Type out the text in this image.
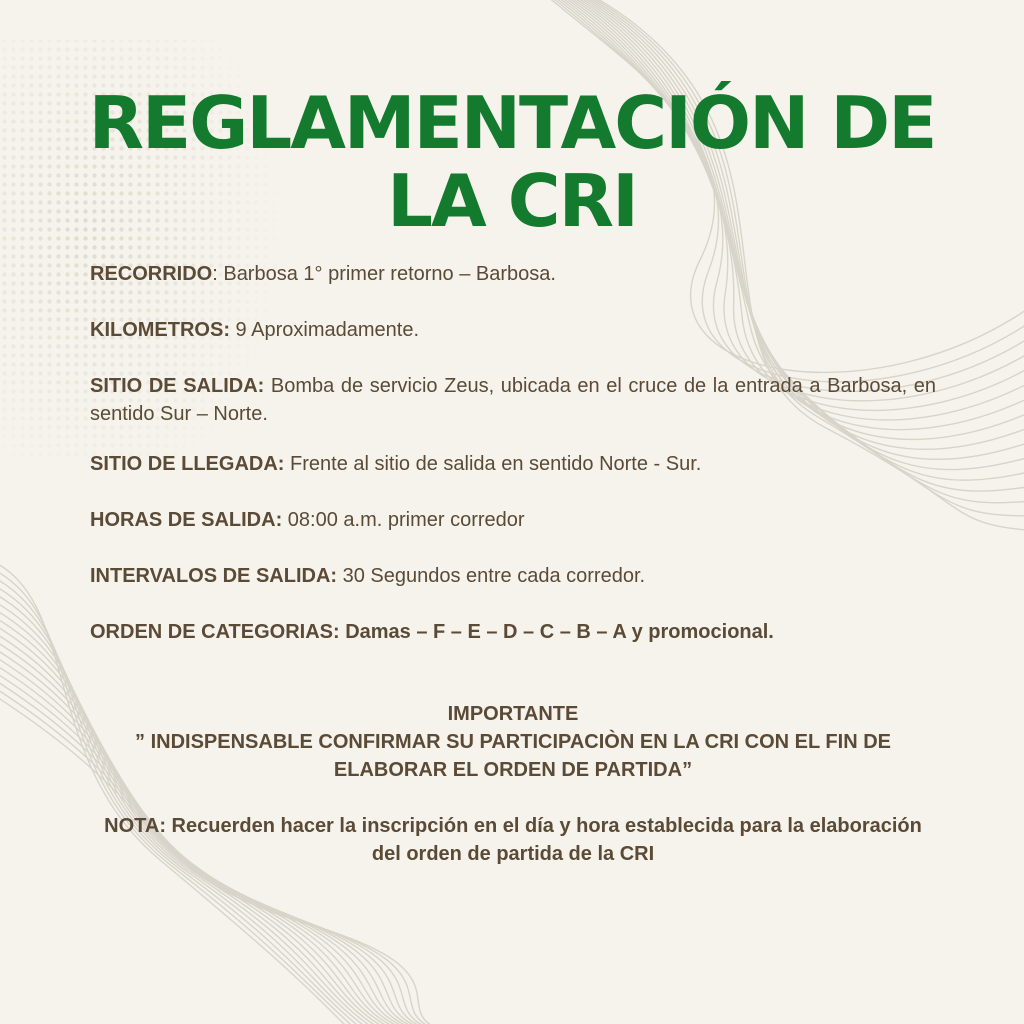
REGLAMENTACIÓN DE
LA CRI

RECORRIDO: Barbosa 1° primer retorno – Barbosa.

KILOMETROS: 9 Aproximadamente.

SITIO DE SALIDA: Bomba de servicio Zeus, ubicada en el cruce de la entrada a Barbosa, en sentido Sur – Norte.

SITIO DE LLEGADA: Frente al sitio de salida en sentido Norte - Sur.

HORAS DE SALIDA: 08:00 a.m. primer corredor

INTERVALOS DE SALIDA: 30 Segundos entre cada corredor.

ORDEN DE CATEGORIAS: Damas – F – E – D – C – B – A y promocional.

IMPORTANTE

” INDISPENSABLE CONFIRMAR SU PARTICIPACIÒN EN LA CRI CON EL FIN DE ELABORAR EL ORDEN DE PARTIDA”

NOTA: Recuerden hacer la inscripción en el día y hora establecida para la elaboración del orden de partida de la CRI
